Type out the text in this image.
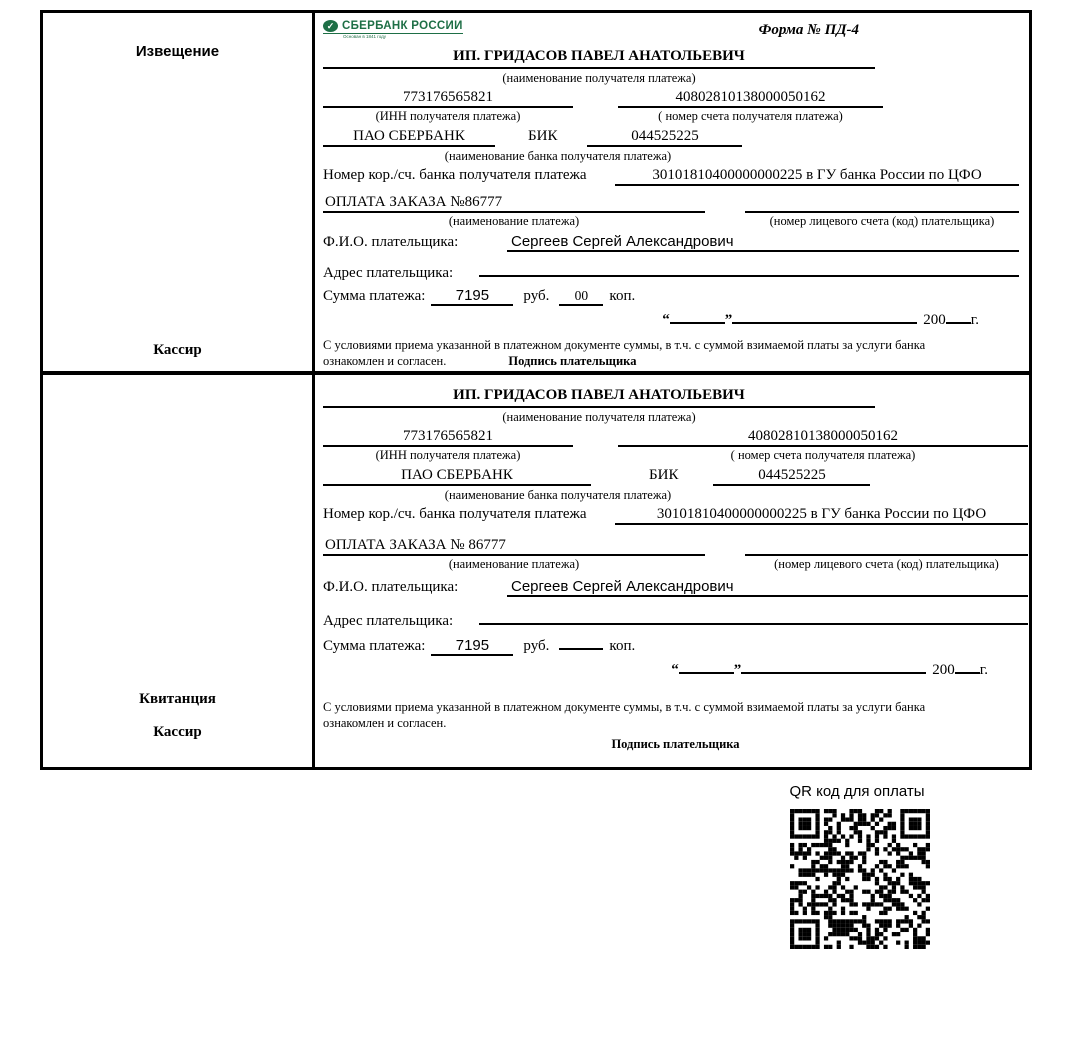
Извещение
Кассир
✓ СБЕРБАНК РОССИИ
Основан в 1841 году	Форма № ПД-4
ИП. ГРИДАСОВ ПАВЕЛ АНАТОЛЬЕВИЧ
(наименование получателя платежа)
773176565821	40802810138000050162
(ИНН получателя платежа)	( номер счета получателя платежа)
ПАО СБЕРБАНК	БИК	044525225
(наименование банка получателя платежа)
Номер кор./сч. банка получателя платежа	30101810400000000225 в ГУ банка России по ЦФО
ОПЛАТА ЗАКАЗА №86777
(наименование платежа)	(номер лицевого счета (код) плательщика)
Ф.И.О. плательщика:	Сергеев Сергей Александрович
Адрес плательщика:
Сумма платежа:	7195	руб.	00	коп.
“	”	200 г.
С условиями приема указанной в платежном документе суммы, в т.ч. с суммой взимаемой платы за услуги банка
ознакомлен и согласен.	Подпись плательщика
Квитанция
Кассир
ИП. ГРИДАСОВ ПАВЕЛ АНАТОЛЬЕВИЧ
(наименование получателя платежа)
773176565821	40802810138000050162
(ИНН получателя платежа)	( номер счета получателя платежа)
ПАО СБЕРБАНК	БИК	044525225
(наименование банка получателя платежа)
Номер кор./сч. банка получателя платежа	30101810400000000225 в ГУ банка России по ЦФО
ОПЛАТА ЗАКАЗА № 86777
(наименование платежа)	(номер лицевого счета (код) плательщика)
Ф.И.О. плательщика:	Сергеев Сергей Александрович
Адрес плательщика:
Сумма платежа:	7195	руб.	коп.
“	”	200 г.
С условиями приема указанной в платежном документе суммы, в т.ч. с суммой взимаемой платы за услуги банка
ознакомлен и согласен.
Подпись плательщика
QR код для оплаты
